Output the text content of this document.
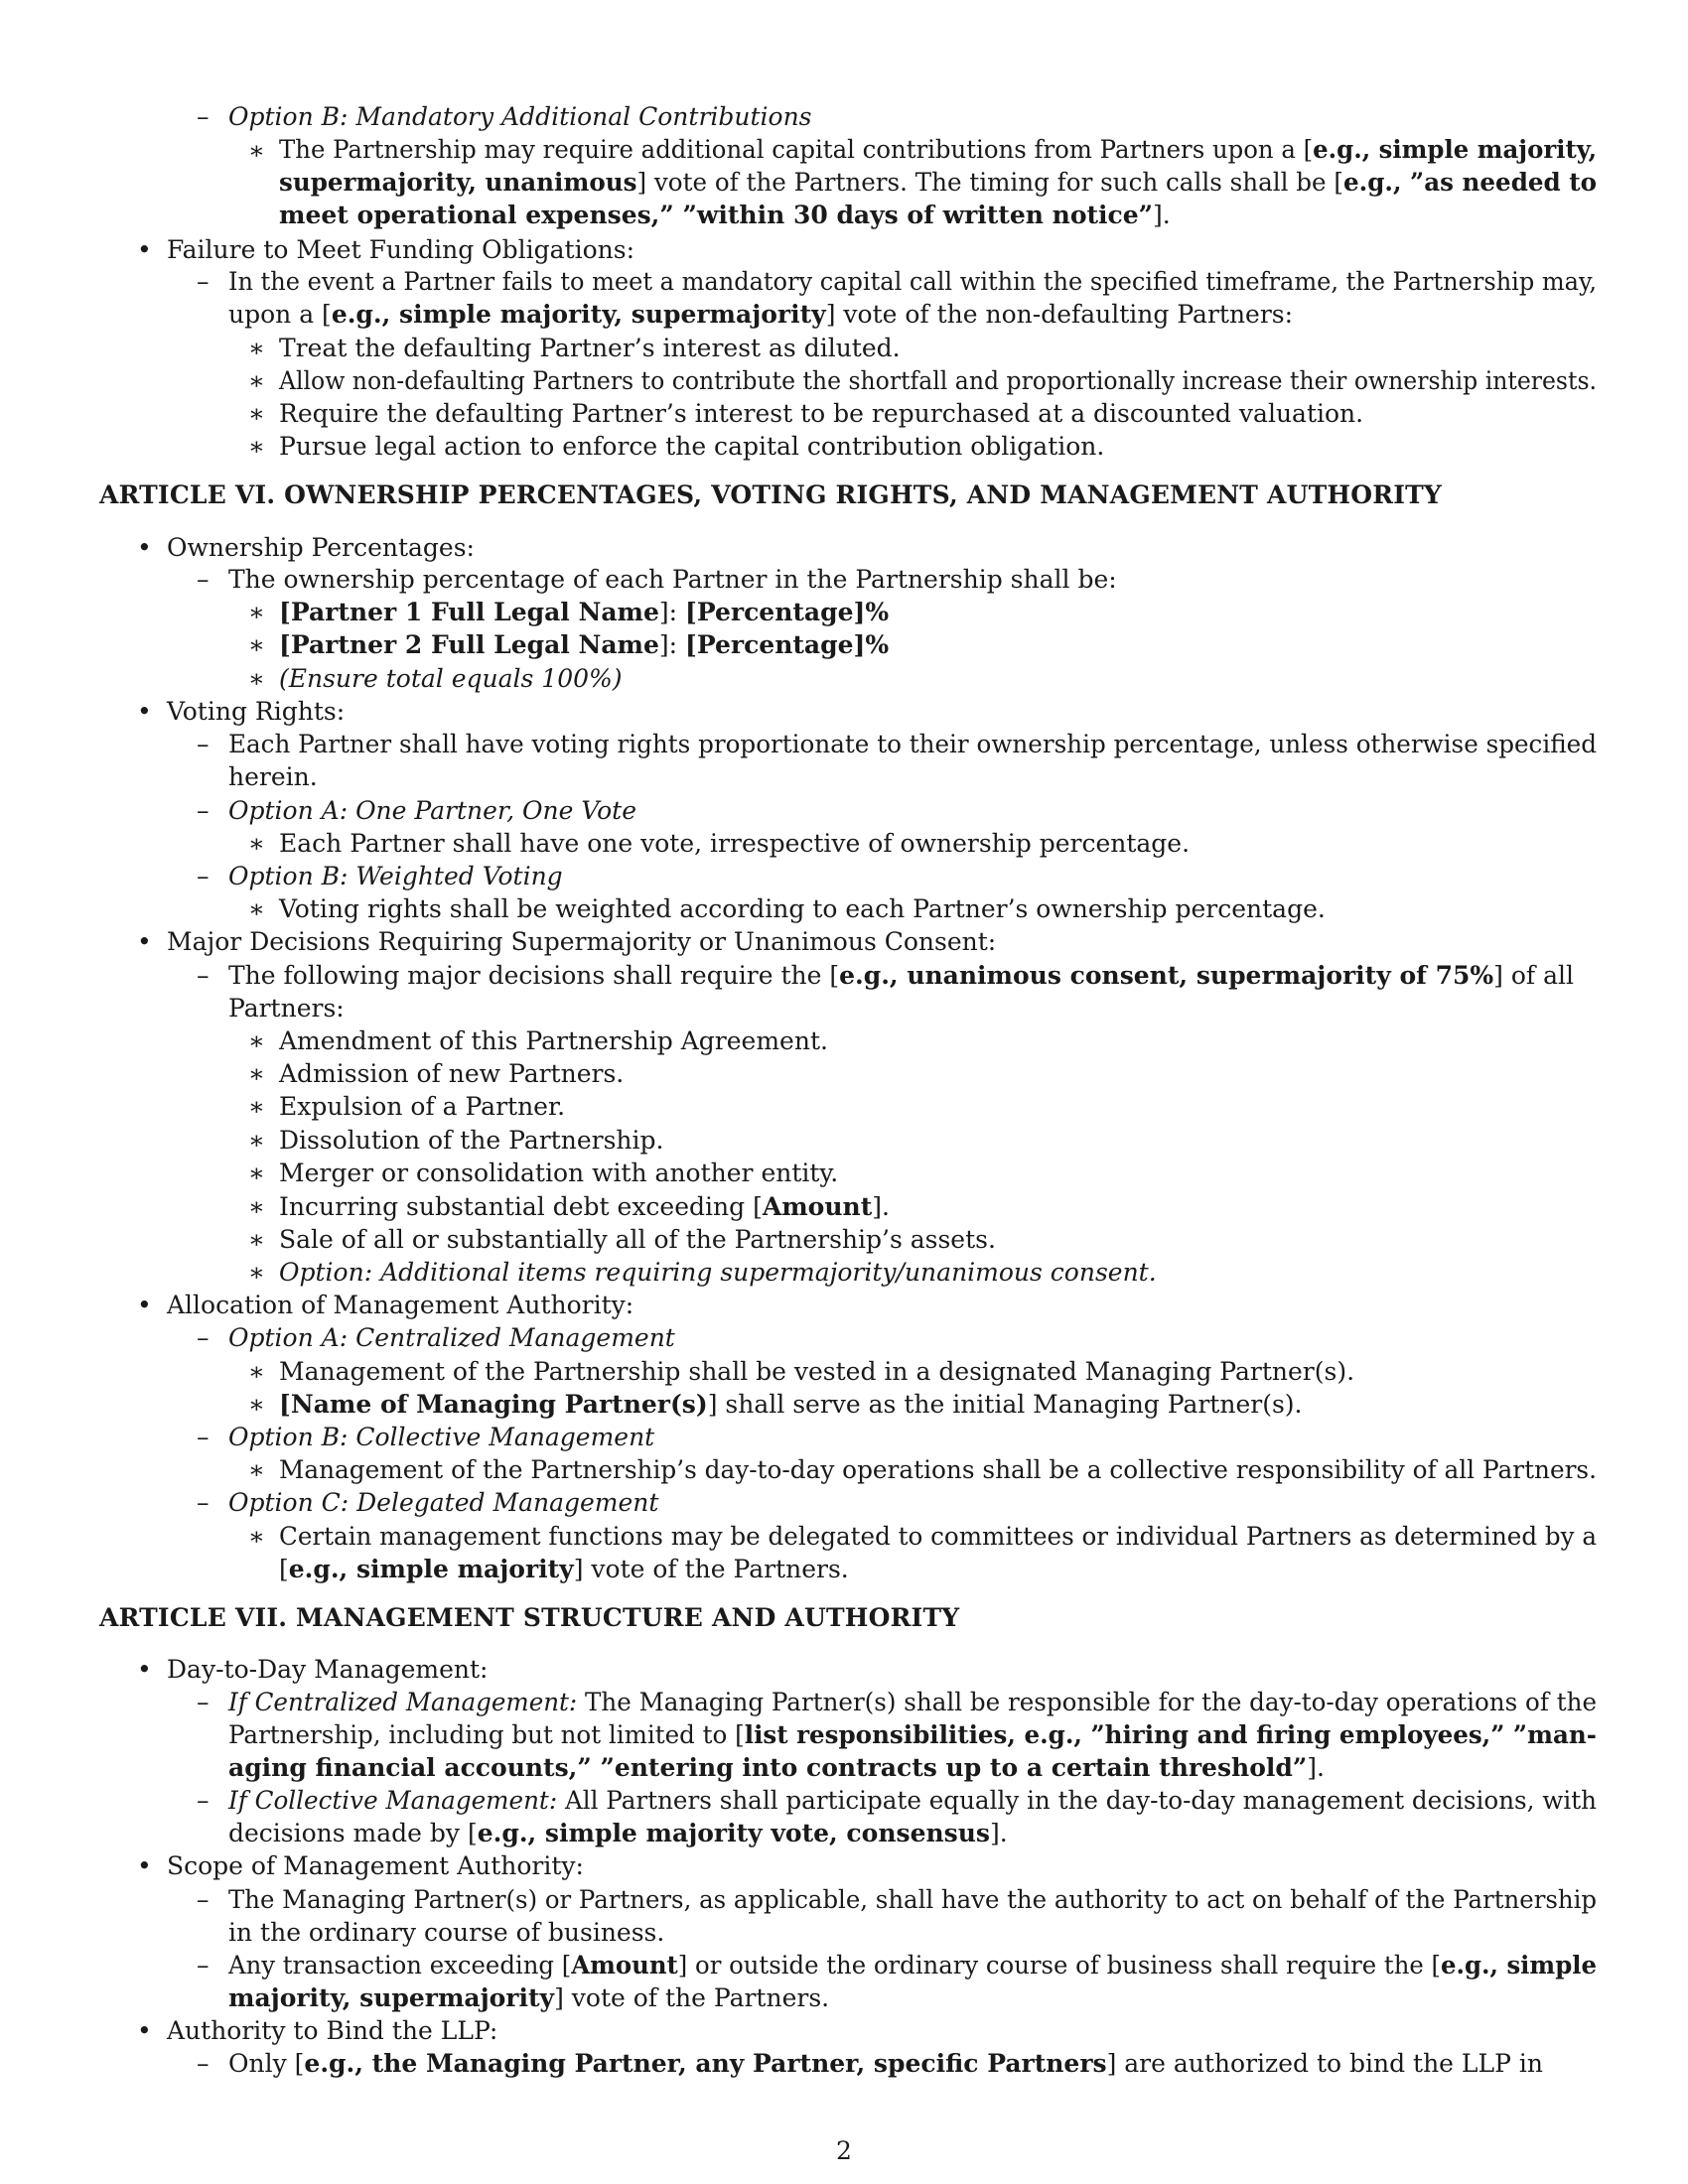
– Option B: Mandatory Additional Contributions
∗ The Partnership may require additional capital contributions from Partners upon a [e.g., simple majority,
supermajority, unanimous] vote of the Partners. The timing for such calls shall be [e.g., ”as needed to
meet operational expenses,” ”within 30 days of written notice”].
• Failure to Meet Funding Obligations:
– In the event a Partner fails to meet a mandatory capital call within the specified timeframe, the Partnership may,
upon a [e.g., simple majority, supermajority] vote of the non-defaulting Partners:
∗ Treat the defaulting Partner’s interest as diluted.
∗ Allow non-defaulting Partners to contribute the shortfall and proportionally increase their ownership interests.
∗ Require the defaulting Partner’s interest to be repurchased at a discounted valuation.
∗ Pursue legal action to enforce the capital contribution obligation.
ARTICLE VI. OWNERSHIP PERCENTAGES, VOTING RIGHTS, AND MANAGEMENT AUTHORITY
• Ownership Percentages:
– The ownership percentage of each Partner in the Partnership shall be:
∗ [Partner 1 Full Legal Name]: [Percentage]%
∗ [Partner 2 Full Legal Name]: [Percentage]%
∗ (Ensure total equals 100%)
• Voting Rights:
– Each Partner shall have voting rights proportionate to their ownership percentage, unless otherwise specified
herein.
– Option A: One Partner, One Vote
∗ Each Partner shall have one vote, irrespective of ownership percentage.
– Option B: Weighted Voting
∗ Voting rights shall be weighted according to each Partner’s ownership percentage.
• Major Decisions Requiring Supermajority or Unanimous Consent:
– The following major decisions shall require the [e.g., unanimous consent, supermajority of 75%] of all
Partners:
∗ Amendment of this Partnership Agreement.
∗ Admission of new Partners.
∗ Expulsion of a Partner.
∗ Dissolution of the Partnership.
∗ Merger or consolidation with another entity.
∗ Incurring substantial debt exceeding [Amount].
∗ Sale of all or substantially all of the Partnership’s assets.
∗ Option: Additional items requiring supermajority/unanimous consent.
• Allocation of Management Authority:
– Option A: Centralized Management
∗ Management of the Partnership shall be vested in a designated Managing Partner(s).
∗ [Name of Managing Partner(s)] shall serve as the initial Managing Partner(s).
– Option B: Collective Management
∗ Management of the Partnership’s day-to-day operations shall be a collective responsibility of all Partners.
– Option C: Delegated Management
∗ Certain management functions may be delegated to committees or individual Partners as determined by a
[e.g., simple majority] vote of the Partners.
ARTICLE VII. MANAGEMENT STRUCTURE AND AUTHORITY
• Day-to-Day Management:
– If Centralized Management: The Managing Partner(s) shall be responsible for the day-to-day operations of the
Partnership, including but not limited to [list responsibilities, e.g., ”hiring and firing employees,” ”man-
aging financial accounts,” ”entering into contracts up to a certain threshold”].
– If Collective Management: All Partners shall participate equally in the day-to-day management decisions, with
decisions made by [e.g., simple majority vote, consensus].
• Scope of Management Authority:
– The Managing Partner(s) or Partners, as applicable, shall have the authority to act on behalf of the Partnership
in the ordinary course of business.
– Any transaction exceeding [Amount] or outside the ordinary course of business shall require the [e.g., simple
majority, supermajority] vote of the Partners.
• Authority to Bind the LLP:
– Only [e.g., the Managing Partner, any Partner, specific Partners] are authorized to bind the LLP in
2
